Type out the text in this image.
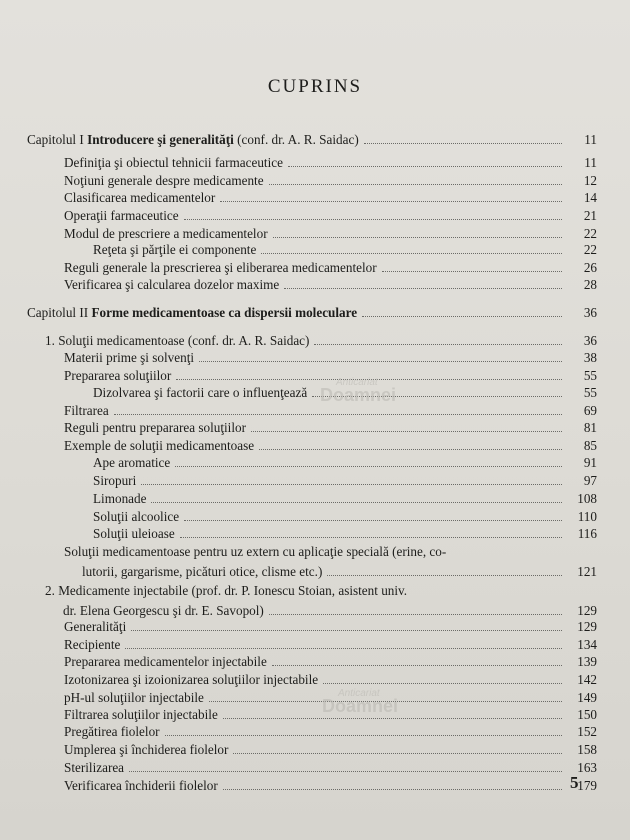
CUPRINS
Capitolul I Introducere şi generalităţi (conf. dr. A. R. Saidac)	11
Definiţia şi obiectul tehnicii farmaceutice	11
Noţiuni generale despre medicamente	12
Clasificarea medicamentelor	14
Operaţii farmaceutice	21
Modul de prescriere a medicamentelor	22
Reţeta şi părţile ei componente	22
Reguli generale la prescrierea şi eliberarea medicamentelor	26
Verificarea şi calcularea dozelor maxime	28
Capitolul II Forme medicamentoase ca dispersii moleculare	36
1. Soluţii medicamentoase (conf. dr. A. R. Saidac)	36
Materii prime şi solvenţi	38
Prepararea soluţiilor	55
Dizolvarea şi factorii care o influenţează	55
Filtrarea	69
Reguli pentru prepararea soluţiilor	81
Exemple de soluţii medicamentoase	85
Ape aromatice	91
Siropuri	97
Limonade	108
Soluţii alcoolice	110
Soluţii uleioase	116
Soluţii medicamentoase pentru uz extern cu aplicaţie specială (erine, co-
lutorii, gargarisme, picături otice, clisme etc.)	121
2. Medicamente injectabile (prof. dr. P. Ionescu Stoian, asistent univ.
dr. Elena Georgescu şi dr. E. Savopol)	129
Generalităţi	129
Recipiente	134
Prepararea medicamentelor injectabile	139
Izotonizarea şi izoionizarea soluţiilor injectabile	142
pH-ul soluţiilor injectabile	149
Filtrarea soluţiilor injectabile	150
Pregătirea fiolelor	152
Umplerea şi închiderea fiolelor	158
Sterilizarea	163
Verificarea închiderii fiolelor	179
Anticariat
Doamnei
Anticariat
Doamnei
5
